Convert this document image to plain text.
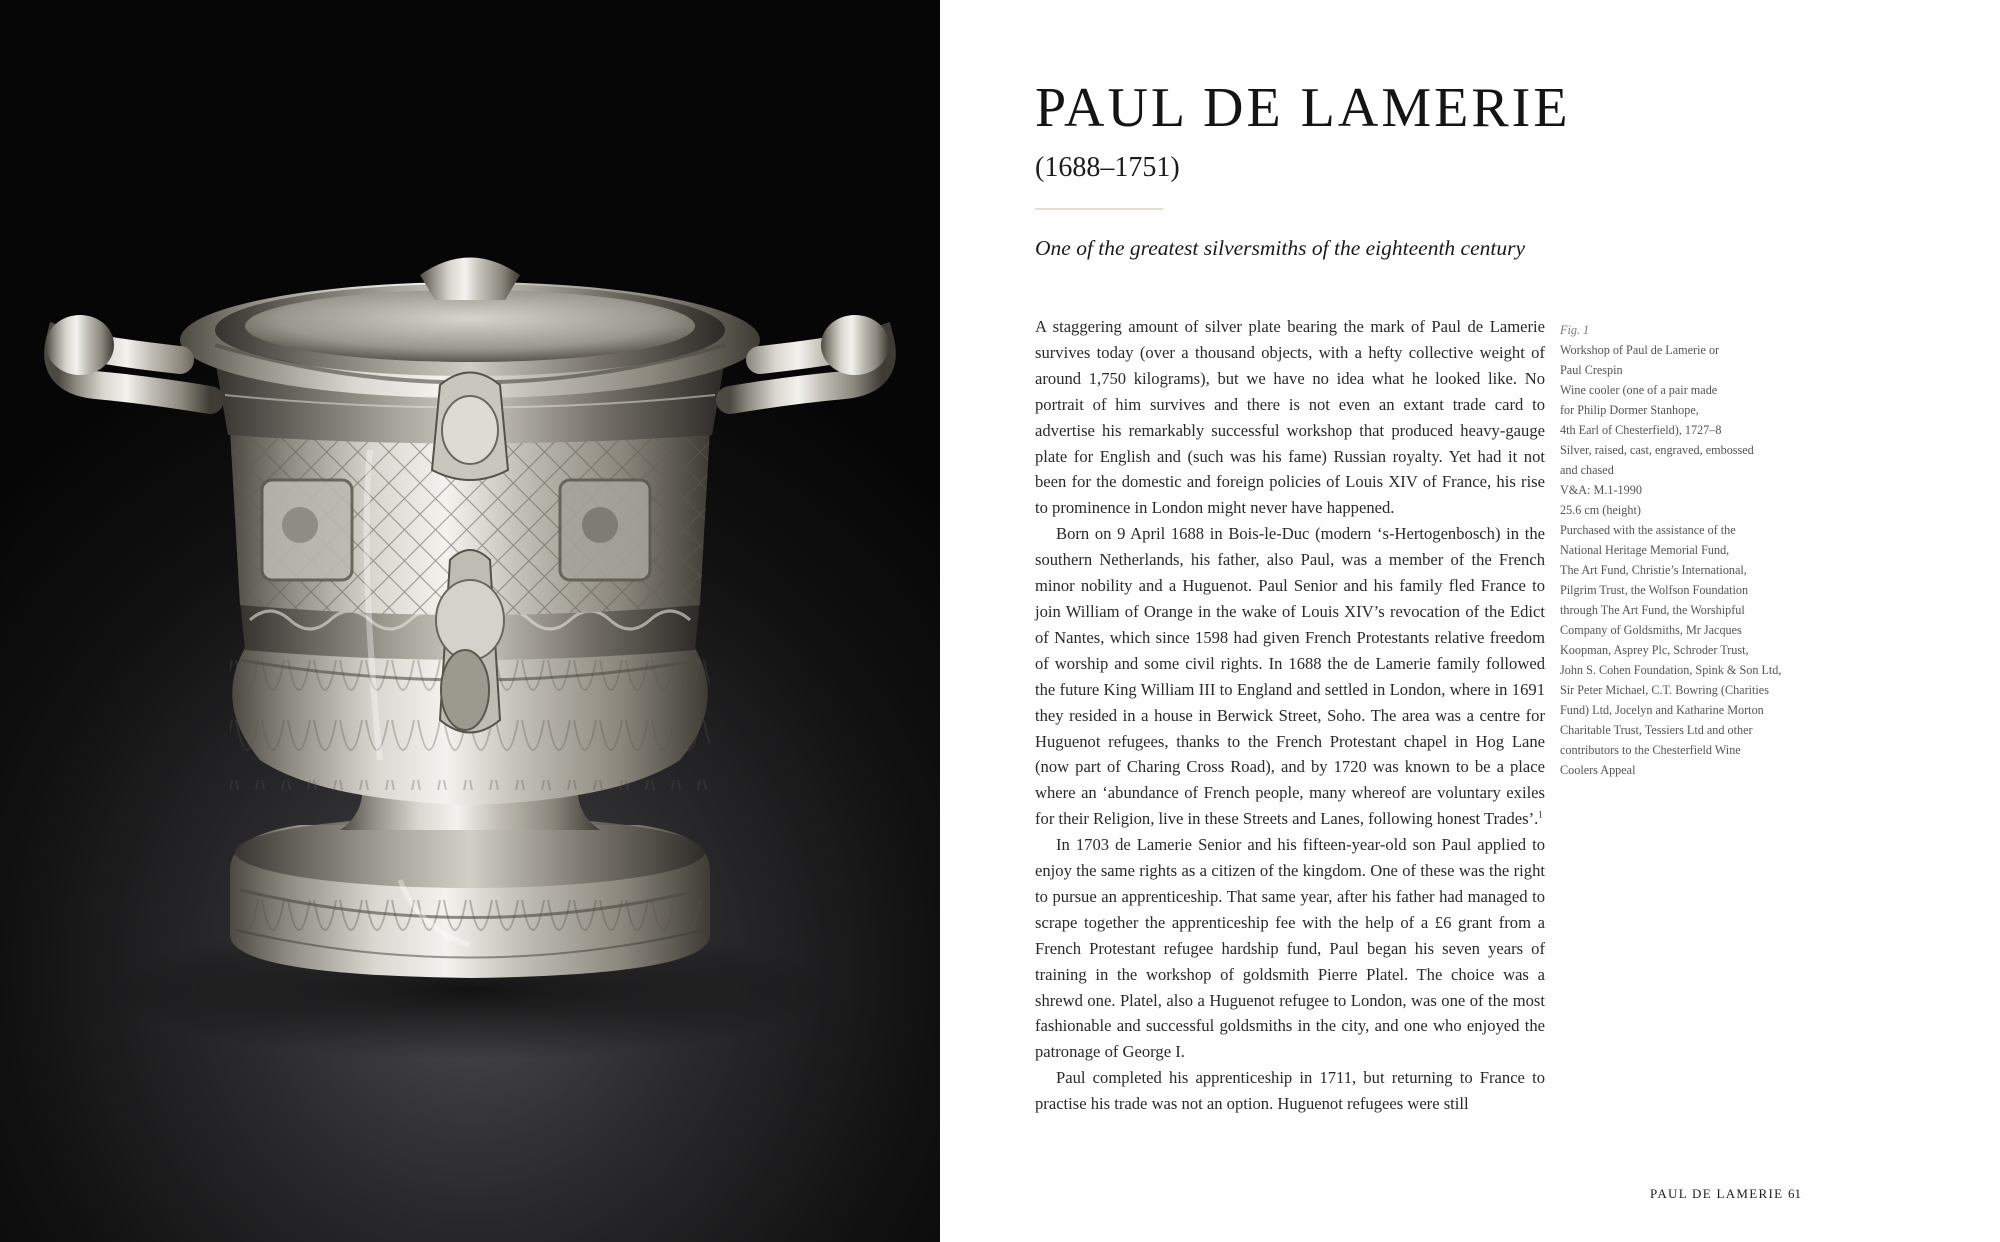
PAUL DE LAMERIE
(1688–1751)
One of the greatest silversmiths of the eighteenth century

A staggering amount of silver plate bearing the mark of Paul de Lamerie survives today (over a thousand objects, with a hefty collective weight of around 1,750 kilograms), but we have no idea what he looked like. No portrait of him survives and there is not even an extant trade card to advertise his remarkably successful workshop that produced heavy-gauge plate for English and (such was his fame) Russian royalty. Yet had it not been for the domestic and foreign policies of Louis XIV of France, his rise to prominence in London might never have happened.

Born on 9 April 1688 in Bois-le-Duc (modern ‘s-Hertogenbosch) in the southern Netherlands, his father, also Paul, was a member of the French minor nobility and a Huguenot. Paul Senior and his family fled France to join William of Orange in the wake of Louis XIV’s revocation of the Edict of Nantes, which since 1598 had given French Protestants relative freedom of worship and some civil rights. In 1688 the de Lamerie family followed the future King William III to England and settled in London, where in 1691 they resided in a house in Berwick Street, Soho. The area was a centre for Huguenot refugees, thanks to the French Protestant chapel in Hog Lane (now part of Charing Cross Road), and by 1720 was known to be a place where an ‘abundance of French people, many whereof are voluntary exiles for their Religion, live in these Streets and Lanes, following honest Trades’.$^1$

In 1703 de Lamerie Senior and his fifteen-year-old son Paul applied to enjoy the same rights as a citizen of the kingdom. One of these was the right to pursue an apprenticeship. That same year, after his father had managed to scrape together the apprenticeship fee with the help of a £6 grant from a French Protestant refugee hardship fund, Paul began his seven years of training in the workshop of goldsmith Pierre Platel. The choice was a shrewd one. Platel, also a Huguenot refugee to London, was one of the most fashionable and successful goldsmiths in the city, and one who enjoyed the patronage of George I.

Paul completed his apprenticeship in 1711, but returning to France to practise his trade was not an option. Huguenot refugees were still

Fig. 1
Workshop of Paul de Lamerie or
Paul Crespin
Wine cooler (one of a pair made
for Philip Dormer Stanhope,
4th Earl of Chesterfield), 1727–8
Silver, raised, cast, engraved, embossed
and chased
V&A: M.1-1990
25.6 cm (height)
Purchased with the assistance of the
National Heritage Memorial Fund,
The Art Fund, Christie’s International,
Pilgrim Trust, the Wolfson Foundation
through The Art Fund, the Worshipful
Company of Goldsmiths, Mr Jacques
Koopman, Asprey Plc, Schroder Trust,
John S. Cohen Foundation, Spink & Son Ltd,
Sir Peter Michael, C.T. Bowring (Charities
Fund) Ltd, Jocelyn and Katharine Morton
Charitable Trust, Tessiers Ltd and other
contributors to the Chesterfield Wine
Coolers Appeal
PAUL DE LAMERIE 61
